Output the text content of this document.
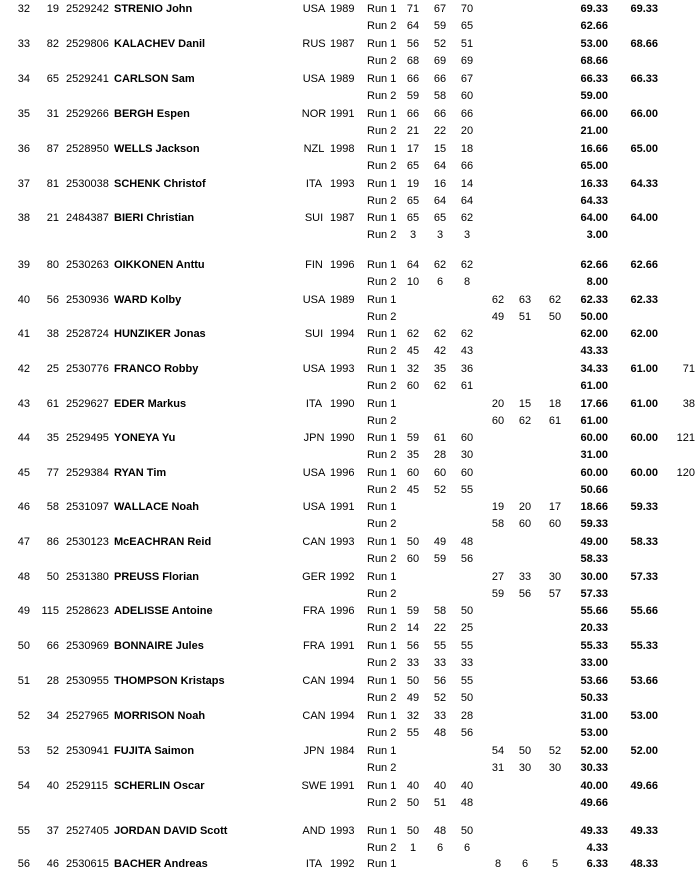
32	19 2529242 STRENIO John	USA 1989	69.33
Run 1 71	67	70	69.33
Run 2 64	59	65	62.66
33	82 2529806 KALACHEV Danil	RUS 1987	68.66
Run 1 56	52	51	53.00
Run 2 68	69	69	68.66
34	65 2529241 CARLSON Sam	USA 1989	66.33
Run 1 66	66	67	66.33
Run 2 59	58	60	59.00
35	31 2529266 BERGH Espen	NOR 1991	66.00
Run 1 66	66	66	66.00
Run 2 21	22	20	21.00
36	87 2528950 WELLS Jackson	NZL 1998	65.00
Run 1 17	15	18	16.66
Run 2 65	64	66	65.00
37	81 2530038 SCHENK Christof	ITA 1993	64.33
Run 1 19	16	14	16.33
Run 2 65	64	64	64.33
38	21 2484387 BIERI Christian	SUI 1987	64.00
Run 1 65	65	62	64.00
Run 2	3	3	3	3.00
39	80 2530263 OIKKONEN Anttu	FIN 1996	62.66
Run 1 64	62	62	62.66
Run 2 10	6	8	8.00
40	56 2530936 WARD Kolby	USA 1989	62.33
Run 1	62	63	62	62.33
Run 2	49	51	50	50.00
41	38 2528724 HUNZIKER Jonas	SUI 1994	62.00
Run 1 62	62	62	62.00
Run 2 45	42	43	43.33
42	25 2530776 FRANCO Robby	USA 1993	61.00	71
Run 1 32	35	36	34.33
Run 2 60	62	61	61.00
43	61 2529627 EDER Markus	ITA 1990	61.00	38
Run 1	20	15	18	17.66
Run 2	60	62	61	61.00
44	35 2529495 YONEYA Yu	JPN 1990	60.00	121
Run 1 59	61	60	60.00
Run 2 35	28	30	31.00
45	77 2529384 RYAN Tim	USA 1996	60.00	120
Run 1 60	60	60	60.00
Run 2 45	52	55	50.66
46	58 2531097 WALLACE Noah	USA 1991	59.33
Run 1	19	20	17	18.66
Run 2	58	60	60	59.33
47	86 2530123 McEACHRAN Reid	CAN 1993	58.33
Run 1 50	49	48	49.00
Run 2 60	59	56	58.33
48	50 2531380 PREUSS Florian	GER 1992	57.33
Run 1	27	33	30	30.00
Run 2	59	56	57	57.33
49	115 2528623 ADELISSE Antoine	FRA 1996	55.66
Run 1 59	58	50	55.66
Run 2 14	22	25	20.33
50	66 2530969 BONNAIRE Jules	FRA 1991	55.33
Run 1 56	55	55	55.33
Run 2 33	33	33	33.00
51	28 2530955 THOMPSON Kristaps	CAN 1994	53.66
Run 1 50	56	55	53.66
Run 2 49	52	50	50.33
52	34 2527965 MORRISON Noah	CAN 1994	53.00
Run 1 32	33	28	31.00
Run 2 55	48	56	53.00
53	52 2530941 FUJITA Saimon	JPN 1984	52.00
Run 1	54	50	52	52.00
Run 2	31	30	30	30.33
54	40 2529115 SCHERLIN Oscar	SWE 1991	49.66
Run 1 40	40	40	40.00
Run 2 50	51	48	49.66
55	37 2527405 JORDAN DAVID Scott	AND 1993	49.33
Run 1 50	48	50	49.33
Run 2	1	6	6	4.33
56	46 2530615 BACHER Andreas	ITA 1992	48.33
Run 1	8	6	5	6.33
